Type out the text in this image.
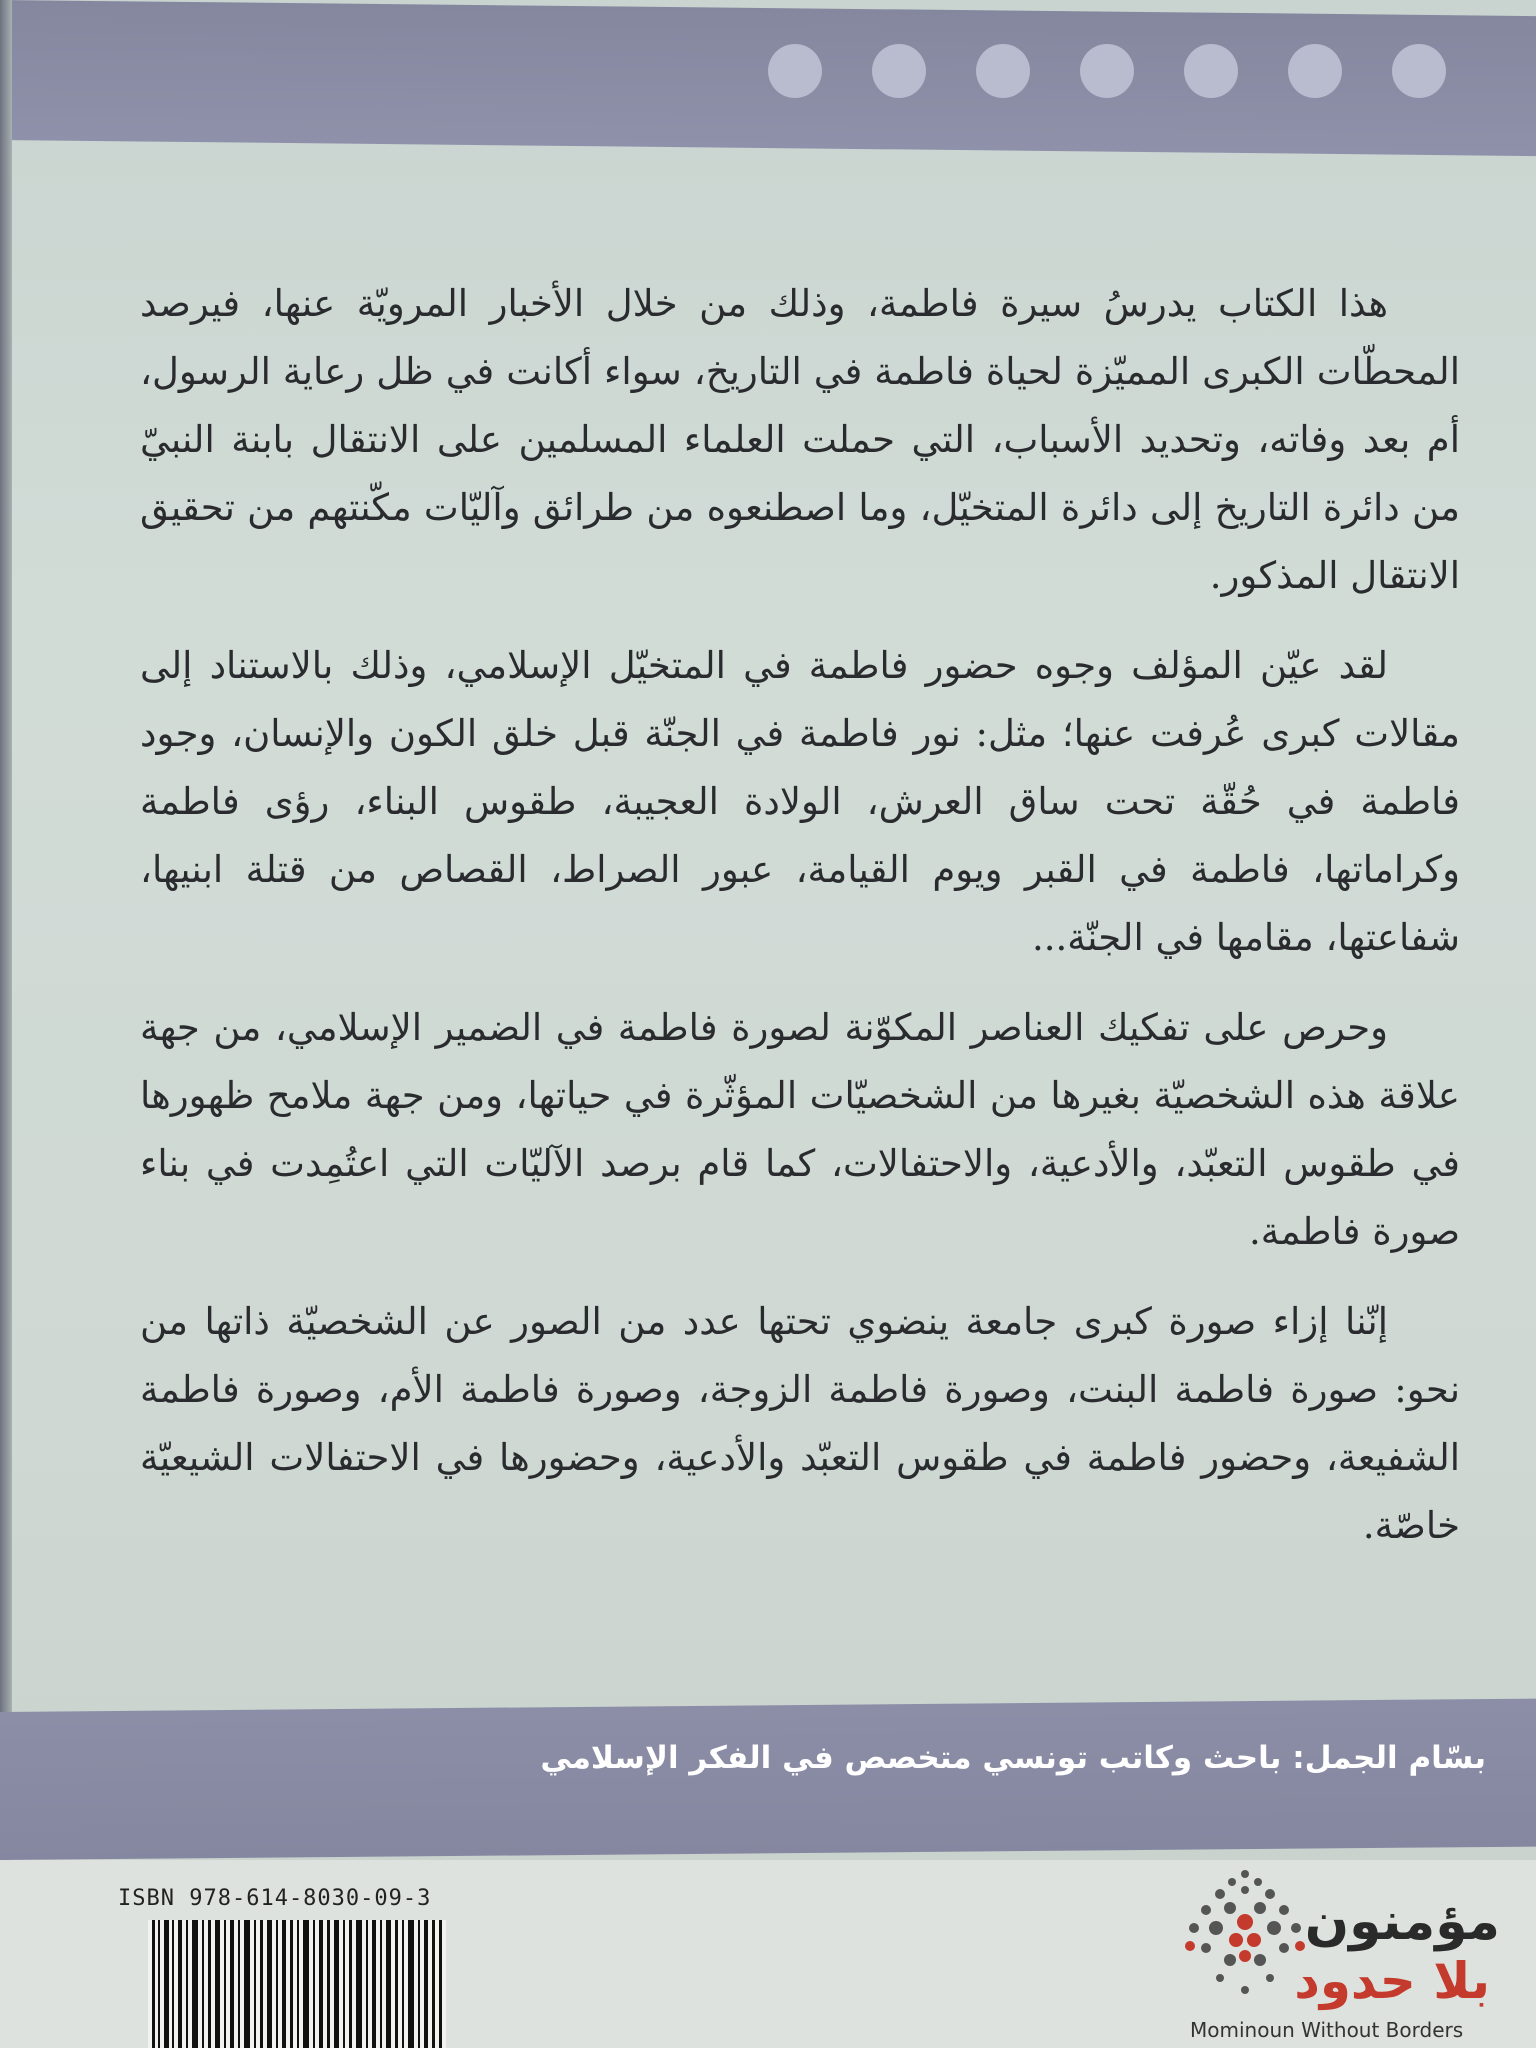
هذا الكتاب يدرسُ سيرة فاطمة، وذلك من خلال الأخبار المرويّة عنها، فيرصد المحطّات الكبرى المميّزة لحياة فاطمة في التاريخ، سواء أكانت في ظل رعاية الرسول، أم بعد وفاته، وتحديد الأسباب، التي حملت العلماء المسلمين على الانتقال بابنة النبيّ من دائرة التاريخ إلى دائرة المتخيّل، وما اصطنعوه من طرائق وآليّات مكّنتهم من تحقيق الانتقال المذكور.

لقد عيّن المؤلف وجوه حضور فاطمة في المتخيّل الإسلامي، وذلك بالاستناد إلى مقالات كبرى عُرفت عنها؛ مثل: نور فاطمة في الجنّة قبل خلق الكون والإنسان، وجود فاطمة في حُقّة تحت ساق العرش، الولادة العجيبة، طقوس البناء، رؤى فاطمة وكراماتها، فاطمة في القبر ويوم القيامة، عبور الصراط، القصاص من قتلة ابنيها، شفاعتها، مقامها في الجنّة...

وحرص على تفكيك العناصر المكوّنة لصورة فاطمة في الضمير الإسلامي، من جهة علاقة هذه الشخصيّة بغيرها من الشخصيّات المؤثّرة في حياتها، ومن جهة ملامح ظهورها في طقوس التعبّد، والأدعية، والاحتفالات، كما قام برصد الآليّات التي اعتُمِدت في بناء صورة فاطمة.

إنّنا إزاء صورة كبرى جامعة ينضوي تحتها عدد من الصور عن الشخصيّة ذاتها من نحو: صورة فاطمة البنت، وصورة فاطمة الزوجة، وصورة فاطمة الأم، وصورة فاطمة الشفيعة، وحضور فاطمة في طقوس التعبّد والأدعية، وحضورها في الاحتفالات الشيعيّة خاصّة.

بسّام الجمل: باحث وكاتب تونسي متخصص في الفكر الإسلامي
ISBN 978-614-8030-09-3	مؤمنون
بلا حدود
Mominoun Without Borders
